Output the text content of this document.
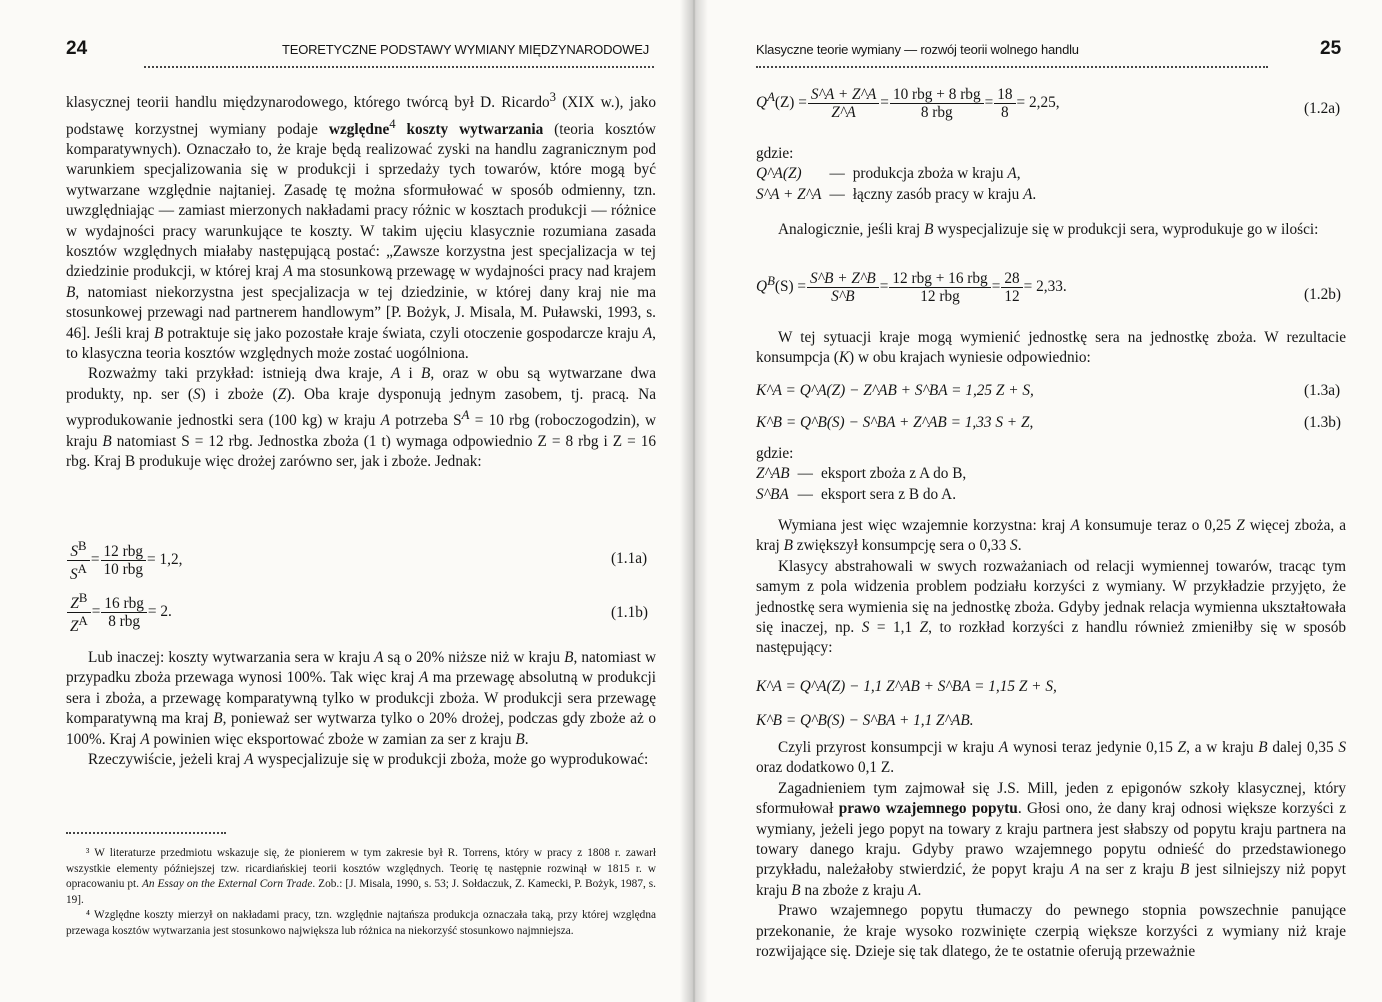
24	TEORETYCZNE PODSTAWY WYMIANY MIĘDZYNARODOWEJ

klasycznej teorii handlu międzynarodowego, którego twórcą był D. Ricardo$^3$ (XIX w.), jako podstawę korzystnej wymiany podaje względne$^4$ koszty wytwarzania (teoria kosztów komparatywnych). Oznaczało to, że kraje będą realizować zyski na handlu zagranicznym pod warunkiem specjalizowania się w produkcji i sprzedaży tych towarów, które mogą być wytwarzane względnie najtaniej. Zasadę tę można sformułować w sposób odmienny, tzn. uwzględniając — zamiast mierzonych nakładami pracy różnic w kosztach produkcji — różnice w wydajności pracy warunkujące te koszty. W takim ujęciu klasycznie rozumiana zasada kosztów względnych miałaby następującą postać: „Zawsze korzystna jest specjalizacja w tej dziedzinie produkcji, w której kraj A ma stosunkową przewagę w wydajności pracy nad krajem B, natomiast niekorzystna jest specjalizacja w tej dziedzinie, w której dany kraj nie ma stosunkowej przewagi nad partnerem handlowym” [P. Bożyk, J. Misala, M. Puławski, 1993, s. 46]. Jeśli kraj B potraktuje się jako pozostałe kraje świata, czyli otoczenie gospodarcze kraju A, to klasyczna teoria kosztów względnych może zostać uogólniona.

Rozważmy taki przykład: istnieją dwa kraje, A i B, oraz w obu są wytwarzane dwa produkty, np. ser (S) i zboże (Z). Oba kraje dysponują jednym zasobem, tj. pracą. Na wyprodukowanie jednostki sera (100 kg) w kraju A potrzeba $S^A = 10$ rbg (roboczogodzin), w kraju B natomiast S = 12 rbg. Jednostka zboża (1 t) wymaga odpowiednio Z = 8 rbg i Z = 16 rbg. Kraj B produkuje więc drożej zarówno ser, jak i zboże. Jednak:

$\frac{S^B}{S^A} = \frac{\text{12 rbg}}{\text{10 rbg}} = 1,2$,	(1.1a)
$\frac{Z^B}{Z^A} = \frac{\text{16 rbg}}{\text{8 rbg}} = 2$.	(1.1b)

Lub inaczej: koszty wytwarzania sera w kraju A są o 20% niższe niż w kraju B, natomiast w przypadku zboża przewaga wynosi 100%. Tak więc kraj A ma przewagę absolutną w produkcji sera i zboża, a przewagę komparatywną tylko w produkcji zboża. W produkcji sera przewagę komparatywną ma kraj B, ponieważ ser wytwarza tylko o 20% drożej, podczas gdy zboże aż o 100%. Kraj A powinien więc eksportować zboże w zamian za ser z kraju B.

Rzeczywiście, jeżeli kraj A wyspecjalizuje się w produkcji zboża, może go wyprodukować:

³ W literaturze przedmiotu wskazuje się, że pionierem w tym zakresie był R. Torrens, który w pracy z 1808 r. zawarł wszystkie elementy późniejszej tzw. ricardiańskiej teorii kosztów względnych. Teorię tę następnie rozwinął w 1815 r. w opracowaniu pt. An Essay on the External Corn Trade. Zob.: [J. Misala, 1990, s. 53; J. Sołdaczuk, Z. Kamecki, P. Bożyk, 1987, s. 19].

⁴ Względne koszty mierzył on nakładami pracy, tzn. względnie najtańsza produkcja oznaczała taką, przy której względna przewaga kosztów wytwarzania jest stosunkowo największa lub różnica na niekorzyść stosunkowo najmniejsza.

Klasyczne teorie wymiany — rozwój teorii wolnego handlu	25
$Q^A(Z) = \frac{S\^{}A + Z\^{}A}{Z\^{}A} = \frac{\text{10 rbg + 8 rbg}}{\text{8 rbg}} = \frac{18}{8} = 2,25$,	(1.2a)
gdzie:
Q^A(Z)	—	produkcja zboża w kraju A,
S^A + Z^A	—	łączny zasób pracy w kraju A.

Analogicznie, jeśli kraj B wyspecjalizuje się w produkcji sera, wyprodukuje go w ilości:

$Q^B(S) = \frac{S\^{}B + Z\^{}B}{S\^{}B} = \frac{\text{12 rbg + 16 rbg}}{\text{12 rbg}} = \frac{28}{12} = 2,33$.	(1.2b)

W tej sytuacji kraje mogą wymienić jednostkę sera na jednostkę zboża. W rezultacie konsumpcja (K) w obu krajach wyniesie odpowiednio:

K^A = Q^A(Z) − Z^AB + S^BA = 1,25 Z + S,	(1.3a)
K^B = Q^B(S) − S^BA + Z^AB = 1,33 S + Z,	(1.3b)
gdzie:
Z^AB	—	eksport zboża z A do B,
S^BA	—	eksport sera z B do A.

Wymiana jest więc wzajemnie korzystna: kraj A konsumuje teraz o 0,25 Z więcej zboża, a kraj B zwiększył konsumpcję sera o 0,33 S.

Klasycy abstrahowali w swych rozważaniach od relacji wymiennej towarów, tracąc tym samym z pola widzenia problem podziału korzyści z wymiany. W przykładzie przyjęto, że jednostkę sera wymienia się na jednostkę zboża. Gdyby jednak relacja wymienna ukształtowała się inaczej, np. S = 1,1 Z, to rozkład korzyści z handlu również zmieniłby się w sposób następujący:

K^A = Q^A(Z) − 1,1 Z^AB + S^BA = 1,15 Z + S,
K^B = Q^B(S) − S^BA + 1,1 Z^AB.

Czyli przyrost konsumpcji w kraju A wynosi teraz jedynie 0,15 Z, a w kraju B dalej 0,35 S oraz dodatkowo 0,1 Z.

Zagadnieniem tym zajmował się J.S. Mill, jeden z epigonów szkoły klasycznej, który sformułował prawo wzajemnego popytu. Głosi ono, że dany kraj odnosi większe korzyści z wymiany, jeżeli jego popyt na towary z kraju partnera jest słabszy od popytu kraju partnera na towary danego kraju. Gdyby prawo wzajemnego popytu odnieść do przedstawionego przykładu, należałoby stwierdzić, że popyt kraju A na ser z kraju B jest silniejszy niż popyt kraju B na zboże z kraju A.

Prawo wzajemnego popytu tłumaczy do pewnego stopnia powszechnie panujące przekonanie, że kraje wysoko rozwinięte czerpią większe korzyści z wymiany niż kraje rozwijające się. Dzieje się tak dlatego, że te ostatnie oferują przeważnie
